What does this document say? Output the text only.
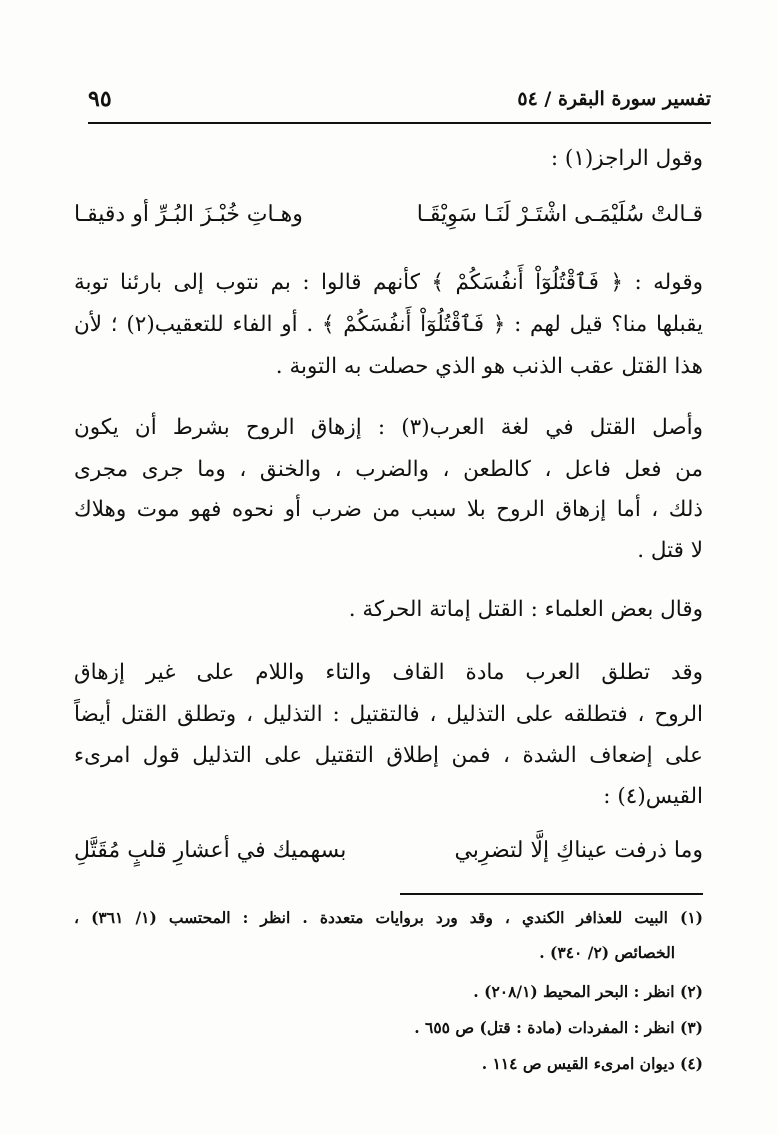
تفسير سورة البقرة / ٥٤
٩٥
وقول الراجز(١) :
قـالتْ سُلَيْمَـى اشْتَـرْ لَنَـا سَوِيْقَـا
وهـاتِ خُبْـزَ البُـرِّ أو دقيقـا
وقوله : ﴿ فَٱقْتُلُوٓاْ أَنفُسَكُمْ ﴾ كأنهم قالوا : بم نتوب إلى بارئنا توبة
يقبلها منا؟ قيل لهم : ﴿ فَٱقْتُلُوٓاْ أَنفُسَكُمْ ﴾ . أو الفاء للتعقيب(٢) ؛ لأن
هذا القتل عقب الذنب هو الذي حصلت به التوبة .
وأصل القتل في لغة العرب(٣) : إزهاق الروح بشرط أن يكون
من فعل فاعل ، كالطعن ، والضرب ، والخنق ، وما جرى مجرى
ذلك ، أما إزهاق الروح بلا سبب من ضرب أو نحوه فهو موت وهلاك
لا قتل .
وقال بعض العلماء : القتل إماتة الحركة .
وقد تطلق العرب مادة القاف والتاء واللام على غير إزهاق
الروح ، فتطلقه على التذليل ، فالتقتيل : التذليل ، وتطلق القتل أيضاً
على إضعاف الشدة ، فمن إطلاق التقتيل على التذليل قول امرىء
القيس(٤) :
وما ذرفت عيناكِ إلَّا لتضرِبي
بسهميك في أعشارِ قلبٍ مُقَتَّلِ
(١) البيت للعذافر الكندي ، وقد ورد بروايات متعددة . انظر : المحتسب (١/ ٣٦١) ،
الخصائص (٢/ ٣٤٠) .
(٢) انظر : البحر المحيط (٢٠٨/١) .
(٣) انظر : المفردات (مادة : قتل) ص ٦٥٥ .
(٤) ديوان امرىء القيس ص ١١٤ .
